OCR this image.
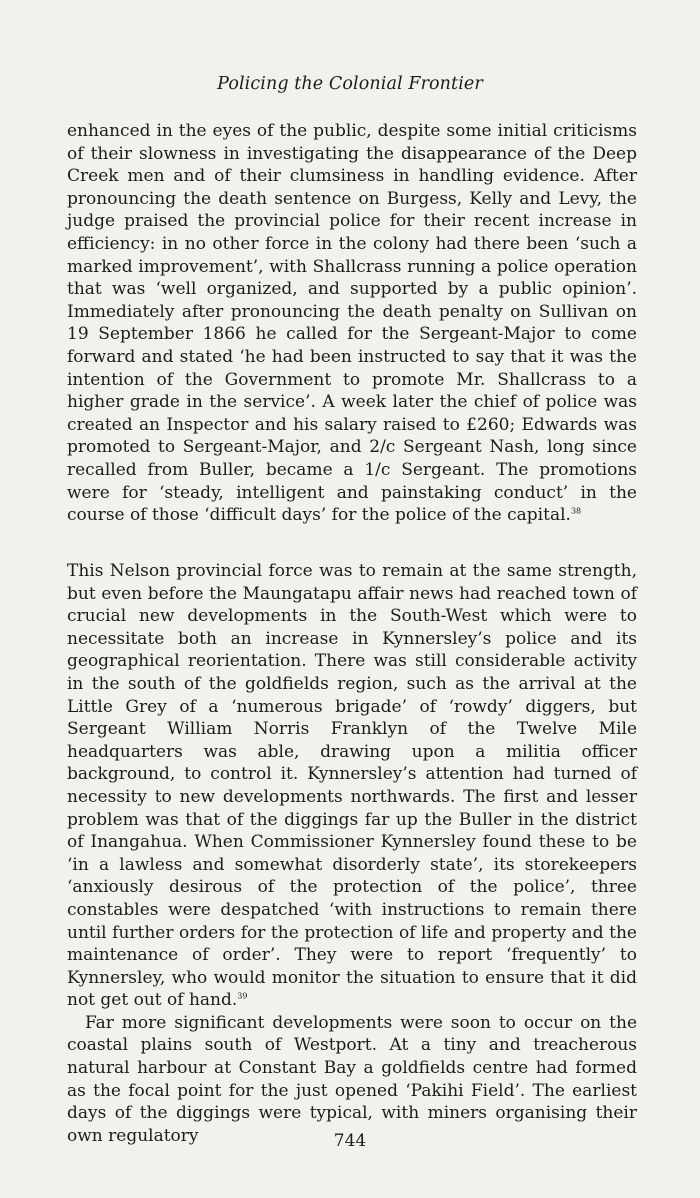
Policing the Colonial Frontier

enhanced in the eyes of the public, despite some initial criticisms of their slowness in investigating the disappearance of the Deep Creek men and of their clumsiness in handling evidence. After pronouncing the death sentence on Burgess, Kelly and Levy, the judge praised the provincial police for their recent increase in efficiency: in no other force in the colony had there been ‘such a marked improvement’, with Shallcrass running a police operation that was ‘well organized, and supported by a public opinion’. Immediately after pronouncing the death penalty on Sullivan on 19 September 1866 he called for the Sergeant-Major to come forward and stated ‘he had been instructed to say that it was the intention of the Government to promote Mr. Shallcrass to a higher grade in the service’. A week later the chief of police was created an Inspector and his salary raised to £260; Edwards was promoted to Sergeant-Major, and 2/c Sergeant Nash, long since recalled from Buller, became a 1/c Sergeant. The promotions were for ‘steady, intelligent and painstaking conduct’ in the course of those ‘difficult days’ for the police of the capital.$^{38}$

This Nelson provincial force was to remain at the same strength, but even before the Maungatapu affair news had reached town of crucial new developments in the South-West which were to necessitate both an increase in Kynnersley’s police and its geographical reorientation. There was still considerable activity in the south of the goldfields region, such as the arrival at the Little Grey of a ‘numerous brigade’ of ‘rowdy’ diggers, but Sergeant William Norris Franklyn of the Twelve Mile headquarters was able, drawing upon a militia officer background, to control it. Kynnersley’s attention had turned of necessity to new developments northwards. The first and lesser problem was that of the diggings far up the Buller in the district of Inangahua. When Commissioner Kynnersley found these to be ‘in a lawless and somewhat disorderly state’, its storekeepers ‘anxiously desirous of the protection of the police’, three constables were despatched ‘with instructions to remain there until further orders for the protection of life and property and the maintenance of order’. They were to report ‘frequently’ to Kynnersley, who would monitor the situation to ensure that it did not get out of hand.$^{39}$

Far more significant developments were soon to occur on the coastal plains south of Westport. At a tiny and treacherous natural harbour at Constant Bay a goldfields centre had formed as the focal point for the just opened ‘Pakihi Field’. The earliest days of the diggings were typical, with miners organising their own regulatory	744
